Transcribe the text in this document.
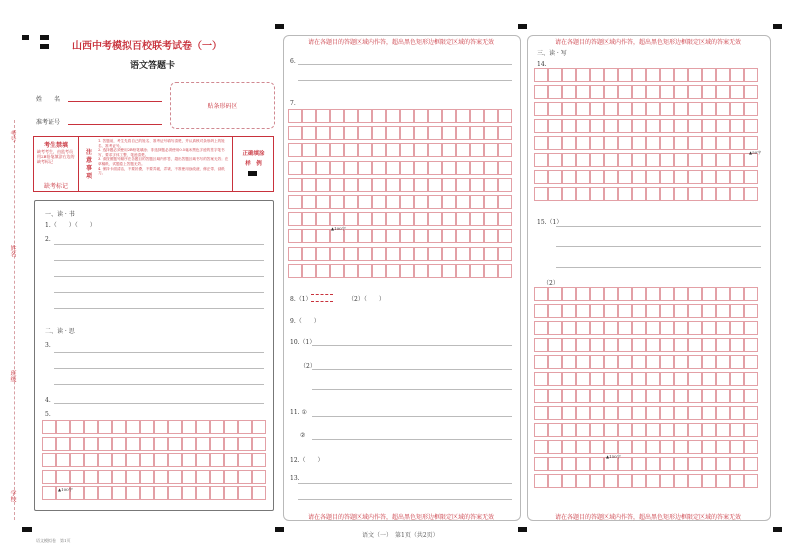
考号
姓名
班级
学校
山西中考模拟百校联考试卷（一）
语文答题卡
姓　　名
准考证号
贴条形码区
考生禁填
缺考考生，由监考员用2B铅笔填涂右边的缺考标记
缺考标记
注意事项
1. 答题前，考生先将自己的姓名、准考证号填写清楚，并认真核对条形码上的姓名、准考证号。
2. 选择题必须使用2B铅笔填涂；非选择题必须使用0.5毫米黑色字迹的签字笔书写，要求字体工整，笔迹清楚。
3. 请按照题号顺序在各题目的答题区域内作答，超出答题区域书写的答案无效；在草稿纸、试题卷上答题无效。
4. 保持卡面清洁，不要折叠，不要弄破，弄皱，不准使用涂改液、修正带、刮纸刀。
正确填涂
样　例
一、读 · 书
1.（　　）（　　）
2.
二、读 · 思
3.
4.
5.
▲100字
请在各题目的答题区域内作答，超出黑色矩形边框限定区域的答案无效
请在各题目的答题区域内作答，超出黑色矩形边框限定区域的答案无效
6.
7.
▲100字
8.（1）	（2）（　　）
9.（　　）
10.（1）
（2）
11. ①
②
12.（　　）
13.
请在各题目的答题区域内作答，超出黑色矩形边框限定区域的答案无效
请在各题目的答题区域内作答，超出黑色矩形边框限定区域的答案无效
三、读 · 写
14.
▲50字
15.（1）
（2）
▲150字
语文（一）　第1页（共2页）
语文模拟卷　第1页
